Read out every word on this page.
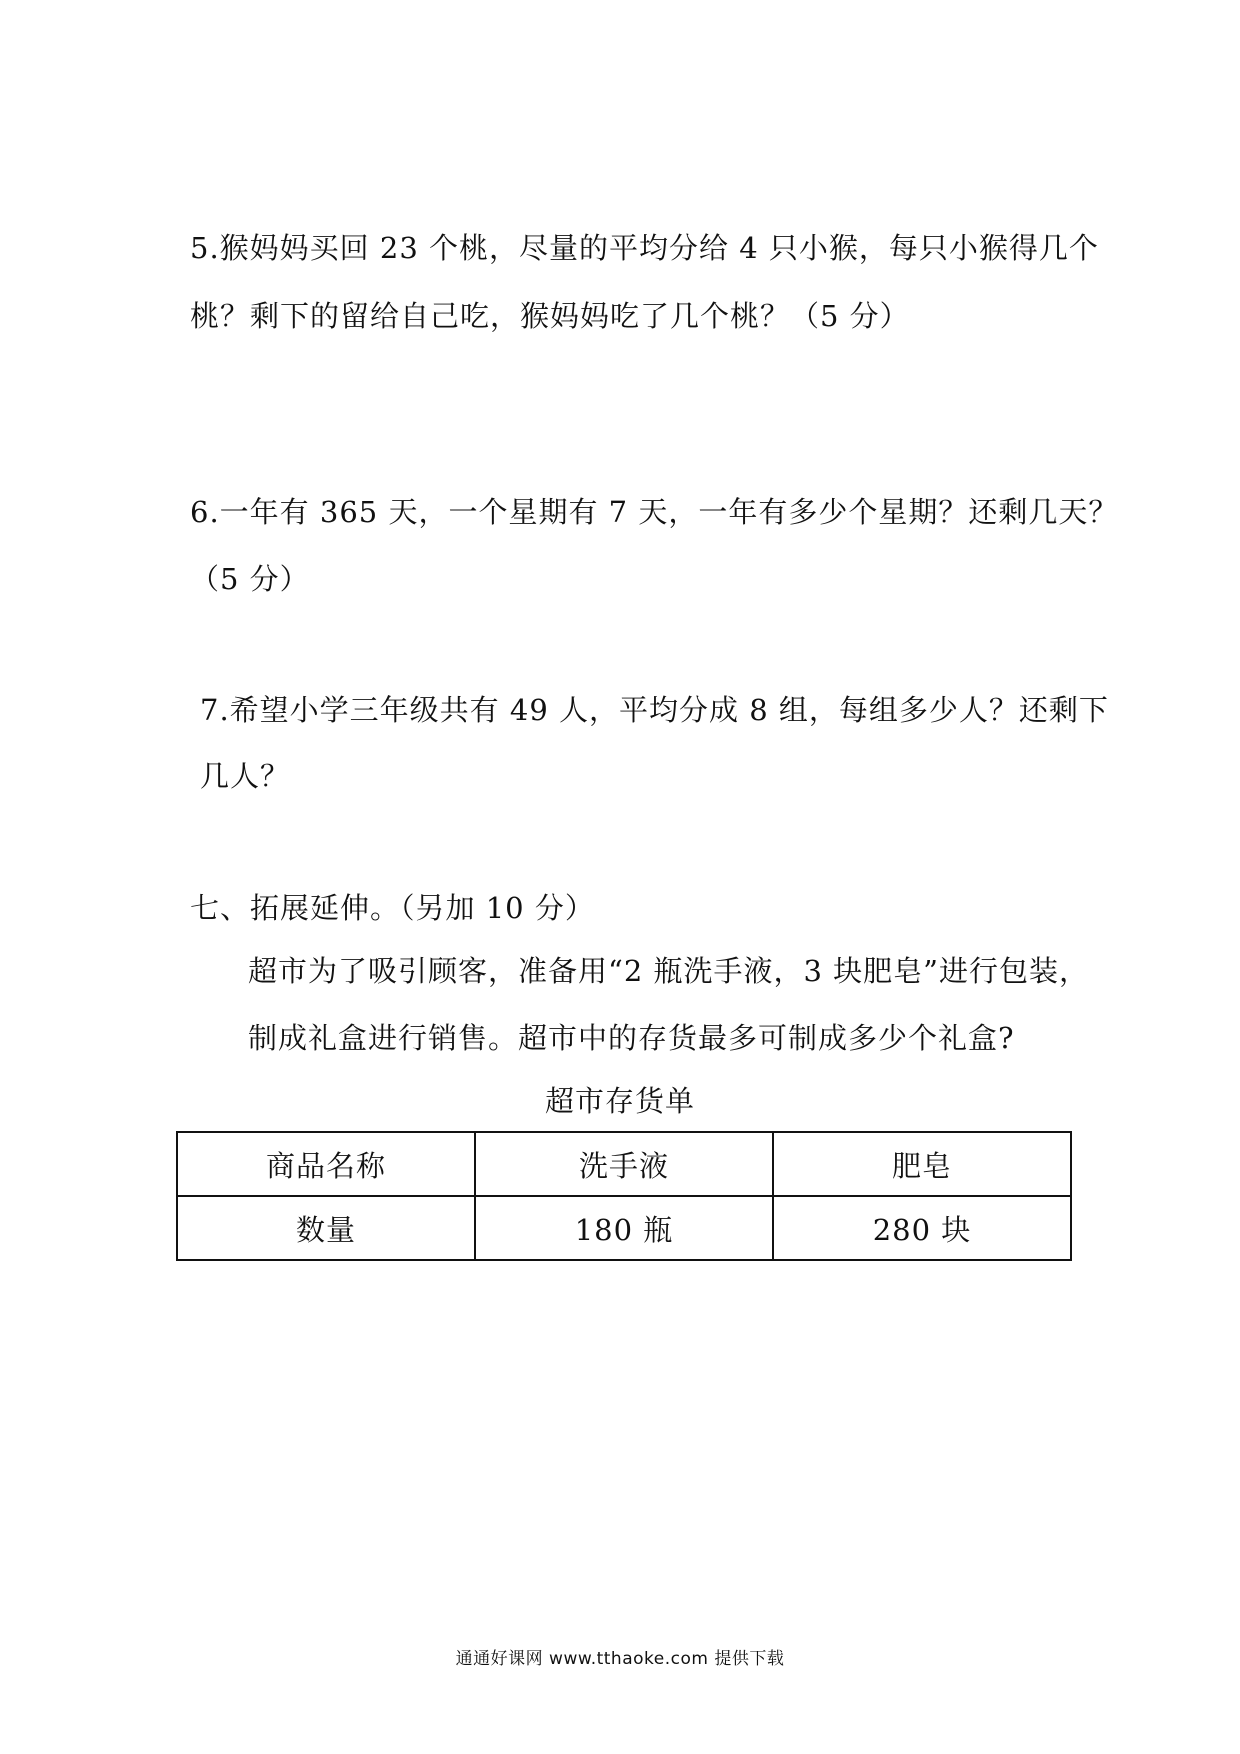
5.猴妈妈买回 23 个桃，尽量的平均分给 4 只小猴，每只小猴得几个
桃？剩下的留给自己吃，猴妈妈吃了几个桃？（5 分）
6.一年有 365 天，一个星期有 7 天，一年有多少个星期？还剩几天？
（5 分）
7.希望小学三年级共有 49 人，平均分成 8 组，每组多少人？还剩下
几人？
七、拓展延伸。（另加 10 分）
超市为了吸引顾客，准备用“2 瓶洗手液，3 块肥皂”进行包装，
制成礼盒进行销售。超市中的存货最多可制成多少个礼盒?
超市存货单
商品名称	洗手液	肥皂
数量	180 瓶	280 块
通通好课网 www.tthaoke.com 提供下载
